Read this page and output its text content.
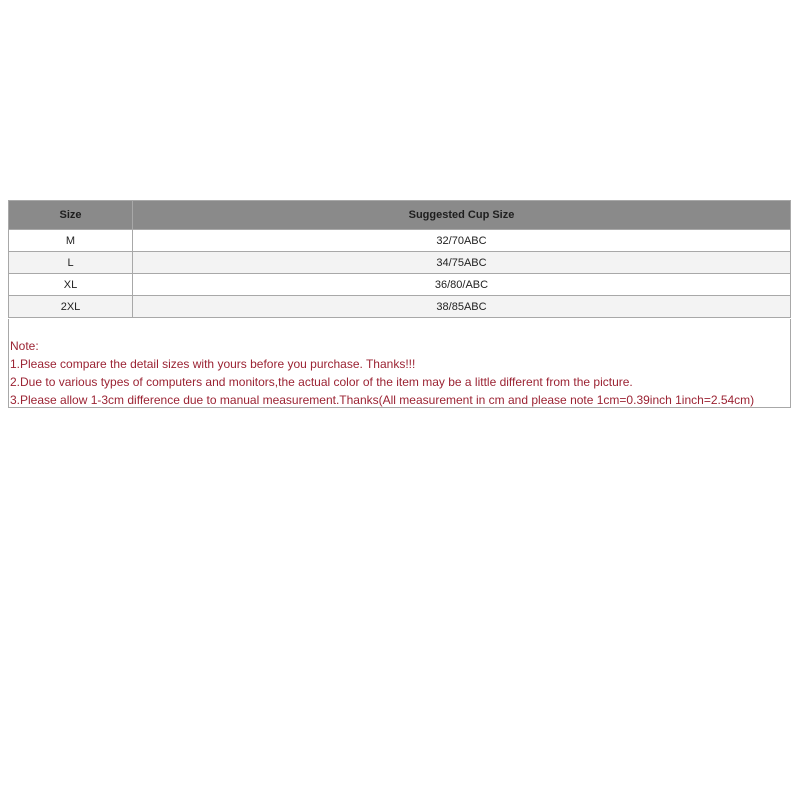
Size	Suggested Cup Size
M	32/70ABC
L	34/75ABC
XL	36/80/ABC
2XL	38/85ABC
Note:
1.Please compare the detail sizes with yours before you purchase. Thanks!!!
2.Due to various types of computers and monitors,the actual color of the item may be a little different from the picture.
3.Please allow 1-3cm difference due to manual measurement.Thanks(All measurement in cm and please note 1cm=0.39inch 1inch=2.54cm)
